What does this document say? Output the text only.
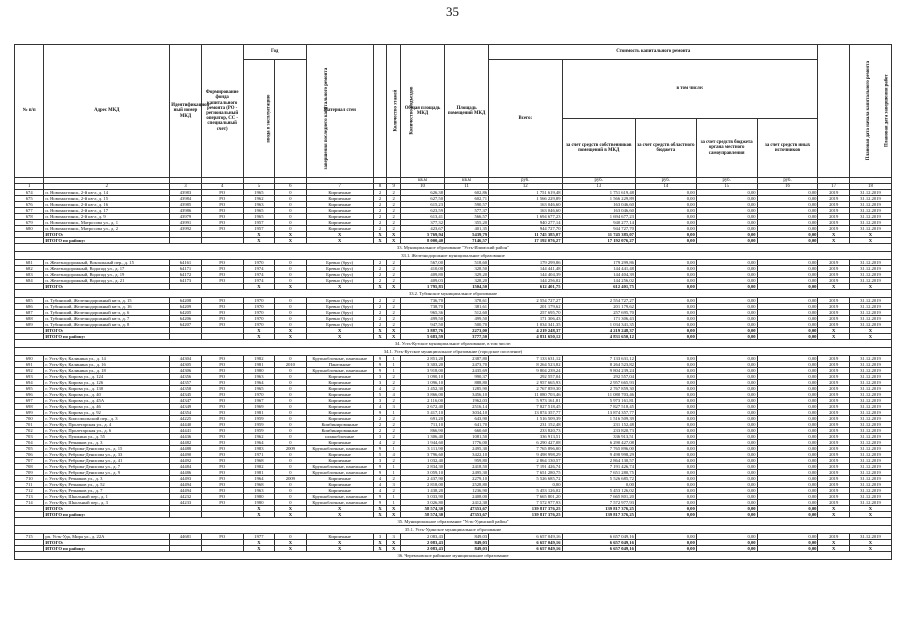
35
№ п/п	Адрес МКД	Идентификацион-ный номер МКД	Формирование фонда капитального ремонта (РО - региональный оператор, СС - специальный счет)	Год		Материал стен	Количество этажей	Количество подъездов	Общая площадь МКД	Площадь помещений МКД	Стоимость капитального ремонта					Плановая дата начала капитального ремонта	Плановая дата завершения работ
				ввода в эксплуатацию	завершения последнего капитального ремонта						Всего:	в том числе:					
												за счет средств собственников помещений в МКД	за счет средств областного бюджета	за счет средств бюджета органа местного самоуправления	за счет средств иных источников		
									кв.м	кв.м	руб.	руб.	руб.	руб.	руб.		
1	2	3	4	5	6	7	8	9	10	11	12	13	14	15	16	17	18
674	п. Новомалтинск, 2-й кв-л, д. 14	43983	РО	1965	0	Кирпичные	2	2	626,38	602,86	1 751 619,48	1 751 619,48	0,00	0,00	0,00	2019	31.12.2019
675	п. Новомалтинск, 2-й кв-л, д. 15	43984	РО	1962	0	Кирпичные	2	2	627,50	602,71	1 566 229,89	1 566 229,89	0,00	0,00	0,00	2019	31.12.2019
676	п. Новомалтинск, 2-й кв-л, д. 16	43985	РО	1963	0	Кирпичные	2	2	615,23	590,57	163 046,60	163 046,60	0,00	0,00	0,00	2019	31.12.2019
677	п. Новомалтинск, 2-й кв-л, д. 17	43986	РО	1965	0	Кирпичные	2	2	623,59	577,37	163 046,60	163 046,60	0,00	0,00	0,00	2019	31.12.2019
678	п. Новомалтинск, 2-й кв-л, д. 9	43979	РО	1965	0	Кирпичные	2	2	613,41	566,57	1 694 677,23	1 694 677,23	0,00	0,00	0,00	2019	31.12.2019
679	п. Новомалтинск, Матросова ул., д. 1	43991	РО	1957	0	Кирпичные	2	2	377,32	355,20	940 277,14	940 277,14	0,00	0,00	0,00	2019	31.12.2019
680	п. Новомалтинск, Матросова ул., д. 2	43992	РО	1957	0	Кирпичные	2	2	423,67	401,35	944 727,70	944 727,70	0,00	0,00	0,00	2019	31.12.2019
	ИТОГО:			X	X	X	X	X	5 769,94	5439,79	11 745 385,07	11 745 385,07	0,00	0,00	0,00	X	X
	ИТОГО по району:			X	X	X	X	X	8 000,40	7146,57	17 192 076,27	17 192 076,27	0,00	0,00	0,00	X	X
33. Муниципальное образование "Усть-Илимский район"																	
33.1. Железнодорожное муниципальное образование																	
681	п. Железнодорожный, Вокзальный пер., д. 15	64161	РО	1970	0	Бревно (брус)	2	2	567,00	518,60	179 299,86	179 299,86	0,00	0,00	0,00	2019	31.12.2019
682	п. Железнодорожный, Водопад ул., д. 17	64171	РО	1974	0	Бревно (брус)	2	2	410,00	328,50	144 441,48	144 441,48	0,00	0,00	0,00	2019	31.12.2019
683	п. Железнодорожный, Водопад ул., д. 19	64172	РО	1974	0	Бревно (брус)	2	2	409,80	329,20	144 404,39	144 404,39	0,00	0,00	0,00	2019	31.12.2019
684	п. Железнодорожный, Водопад ул., д. 21	64173	РО	1974	0	Бревно (брус)	2	2	409,03	328,20	144 256,02	144 256,02	0,00	0,00	0,00	2019	31.12.2019
	ИТОГО:			X	X	X	X	X	1 795,83	1504,50	612 401,75	612 401,75	0,00	0,00	0,00	X	X
33.2. Тубинское муниципальное образование																	
685	п. Тубинский, Железнодорожный кв-л, д. 15	64208	РО	1970	0	Бревно (брус)	2	2	736,70	378,61	2 554 727,27	2 554 727,27	0,00	0,00	0,00	2019	31.12.2019
686	п. Тубинский, Железнодорожный кв-л, д. 16	64209	РО	1970	0	Бревно (брус)	2	2	738,70	381,61	201 179,62	201 179,62	0,00	0,00	0,00	2019	31.12.2019
687	п. Тубинский, Железнодорожный кв-л, д. 6	64205	РО	1970	0	Бревно (брус)	2	2	965,36	512,60	257 695,70	257 695,70	0,00	0,00	0,00	2019	31.12.2019
688	п. Тубинский, Железнодорожный кв-л, д. 7	64206	РО	1970	0	Бревно (брус)	2	2	499,50	499,50	171 306,43	171 306,43	0,00	0,00	0,00	2019	31.12.2019
689	п. Тубинский, Железнодорожный кв-л, д. 8	64207	РО	1970	0	Бревно (брус)	2	2	947,50	500,70	1 034 341,35	1 034 341,35	0,00	0,00	0,00	2019	31.12.2019
	ИТОГО:			X	X	X	X	X	3 887,76	2273,00	4 219 248,37	4 219 248,37	0,00	0,00	0,00	X	X
	ИТОГО по району:			X	X	X	X	X	5 683,59	3777,50	4 831 650,12	4 831 650,12	0,00	0,00	0,00	X	X
34. Усть-Кутское муниципальное образование, в том числе:																	
34.1. Усть-Кутское муниципальное образование (городское поселение)																	
690	г. Усть-Кут, Калинина ул., д. 14	44304	РО	1982	0	Крупноблочные, панельные	9	1	2 851,20	2387,80	7 133 631,12	7 133 631,12	0,00	0,00	0,00	2019	31.12.2019
691	г. Усть-Кут, Калинина ул., д. 16	44305	РО	1981	2010	Панельные	9	1	3 303,20	2473,70	8 264 523,82	8 264 523,82	0,00	0,00	0,00	2019	31.12.2019
692	г. Усть-Кут, Калинина ул., д. 18	44306	РО	1980	0	Крупноблочные, панельные	9	1	3 918,00	2435,69	9 804 239,24	9 804 239,24	0,00	0,00	0,00	2019	31.12.2019
693	г. Усть-Кут, Кирова ул., д. 124	44356	РО	1963	0	Кирпичные	3	2	1 090,10	990,37	292 557,04	292 557,04	0,00	0,00	0,00	2019	31.12.2019
694	г. Усть-Кут, Кирова ул., д. 126	44357	РО	1964	0	Кирпичные	3	2	1 096,10	888,80	2 957 665,93	2 957 665,93	0,00	0,00	0,00	2019	31.12.2019
695	г. Усть-Кут, Кирова ул., д. 130	44358	РО	1965	0	Кирпичные	4	2	1 452,30	1285,90	2 767 859,30	2 767 859,30	0,00	0,00	0,00	2019	31.12.2019
696	г. Усть-Кут, Кирова ул., д. 40	44345	РО	1970	0	Кирпичные	5	4	3 866,00	3456,10	11 080 703,46	11 080 703,46	0,00	0,00	0,00	2019	31.12.2019
697	г. Усть-Кут, Кирова ул., д. 45А	44347	РО	1967	0	Кирпичные	3	2	2 116,00	1962,03	5 973 161,81	5 973 161,81	0,00	0,00	0,00	2019	31.12.2019
698	г. Усть-Кут, Кирова ул., д. 46	44349	РО	1969	0	Кирпичные	4	3	2 672,40	2516,14	7 827 518,45	7 827 518,45	0,00	0,00	0,00	2019	31.12.2019
699	г. Усть-Кут, Кирова ул., д. 92	44354	РО	1981	0	Кирпичные	9	1	5 417,10	3034,10	13 874 357,77	13 874 357,77	0,00	0,00	0,00	2019	31.12.2019
700	г. Усть-Кут, Комсомольский пер., д. 3	44225	РО	1959	0	Кирпичные	2	2	691,20	643,90	1 516 509,39	1 516 509,39	0,00	0,00	0,00	2019	31.12.2019
701	г. Усть-Кут, Пролетарская ул., д. 4	44440	РО	1959	0	Комбинированные	2	2	711,10	641,70	231 152,48	231 152,48	0,00	0,00	0,00	2019	31.12.2019
702	г. Усть-Кут, Пролетарская ул., д. 6	44441	РО	1959	0	Комбинированные	2	2	866,90	660,60	233 820,73	233 820,73	0,00	0,00	0,00	2019	31.12.2019
703	г. Усть-Кут, Пушкина ул., д. 55	44436	РО	1962	0	шлакоблочные	3	2	1 306,40	1081,50	336 913,51	336 913,51	0,00	0,00	0,00	2019	31.12.2019
704	г. Усть-Кут, Речников ул., д. 3	44482	РО	1964	0	Кирпичные	4	2	1 944,60	1776,00	6 290 427,08	6 290 427,08	0,00	0,00	0,00	2019	31.12.2019
705	г. Усть-Кут, Реброва-Денисова ул., д. 15	44488	РО	1983	2009	Крупноблочные, панельные	9	1	3 111,90	2495,30	7 765 896,00	7 765 896,00	0,00	0,00	0,00	2019	31.12.2019
706	г. Усть-Кут, Реброва-Денисова ул., д. 33	44490	РО	1971	0	Кирпичные	5	4	3 796,60	3422,10	9 498 998,29	9 498 998,29	0,00	0,00	0,00	2019	31.12.2019
707	г. Усть-Кут, Реброва-Денисова ул., д. 41	44492	РО	1968	0	Кирпичные	3	2	1 032,40	959,80	2 864 130,57	2 864 130,57	0,00	0,00	0,00	2019	31.12.2019
708	г. Усть-Кут, Реброва-Денисова ул., д. 7	44484	РО	1982	0	Крупноблочные, панельные	9	1	2 834,30	2418,50	7 191 426,74	7 191 426,74	0,00	0,00	0,00	2019	31.12.2019
709	г. Усть-Кут, Реброва-Денисова ул., д. 9	44486	РО	1981	0	Крупноблочные, панельные	9	1	3 059,10	2495,30	7 651 280,75	7 651 280,75	0,00	0,00	0,00	2019	31.12.2019
710	г. Усть-Кут, Речников ул., д. 3	44493	РО	1964	2009	Кирпичные	4	2	2 437,90	2279,10	5 526 685,72	5 526 685,72	0,00	0,00	0,00	2019	31.12.2019
711	г. Усть-Кут, Речников ул., д. 52	44494	РО	1968	0	Кирпичные	4	3	2 818,00	2528,80	0,00	0,00	0,00	0,00	0,00	2019	31.12.2019
712	г. Усть-Кут, Речников ул., д. 7	44494	РО	1963	0	Кирпичные	4	2	1 438,20	1236,90	5 453 126,02	5 453 126,02	0,00	0,00	0,00	2019	31.12.2019
713	г. Усть-Кут, Школьный пер., д. 1	44232	РО	1980	0	Крупноблочные, панельные	9	1	3 033,90	2408,00	7 665 801,20	7 665 801,20	0,00	0,00	0,00	2019	31.12.2019
714	г. Усть-Кут, Школьный пер., д. 3	44233	РО	1980	0	Крупноблочные, панельные	9	1	3 026,80	2412,30	7 572 977,93	7 572 977,93	0,00	0,00	0,00	2019	31.12.2019
	ИТОГО:			X	X	X	X	X	58 574,30	47353,67	139 817 376,25	139 817 376,25	0,00	0,00	0,00	X	X
	ИТОГО по району:			X	X	X	X	X	58 574,30	47353,67	139 817 376,25	139 817 376,25	0,00	0,00	0,00	X	X
35. Муниципальное образование "Усть-Удинский район"																	
35.1. Усть-Удинское муниципальное образование																	
715	рп. Усть-Уда, Мира ул., д. 22А	44681	РО	1977	0	Кирпичные	3	3	2 083,43	849,03	6 657 049,16	6 657 049,16	0,00	0,00	0,00	2019	31.12.2019
	ИТОГО:			X	X	X	X	X	2 083,43	849,03	6 657 049,16	6 657 049,16	0,00	0,00	0,00	X	X
	ИТОГО по району:			X	X	X	X	X	2 083,43	849,03	6 657 049,16	6 657 049,16	0,00	0,00	0,00	X	X
36. Черемховское районное муниципальное образование																	
